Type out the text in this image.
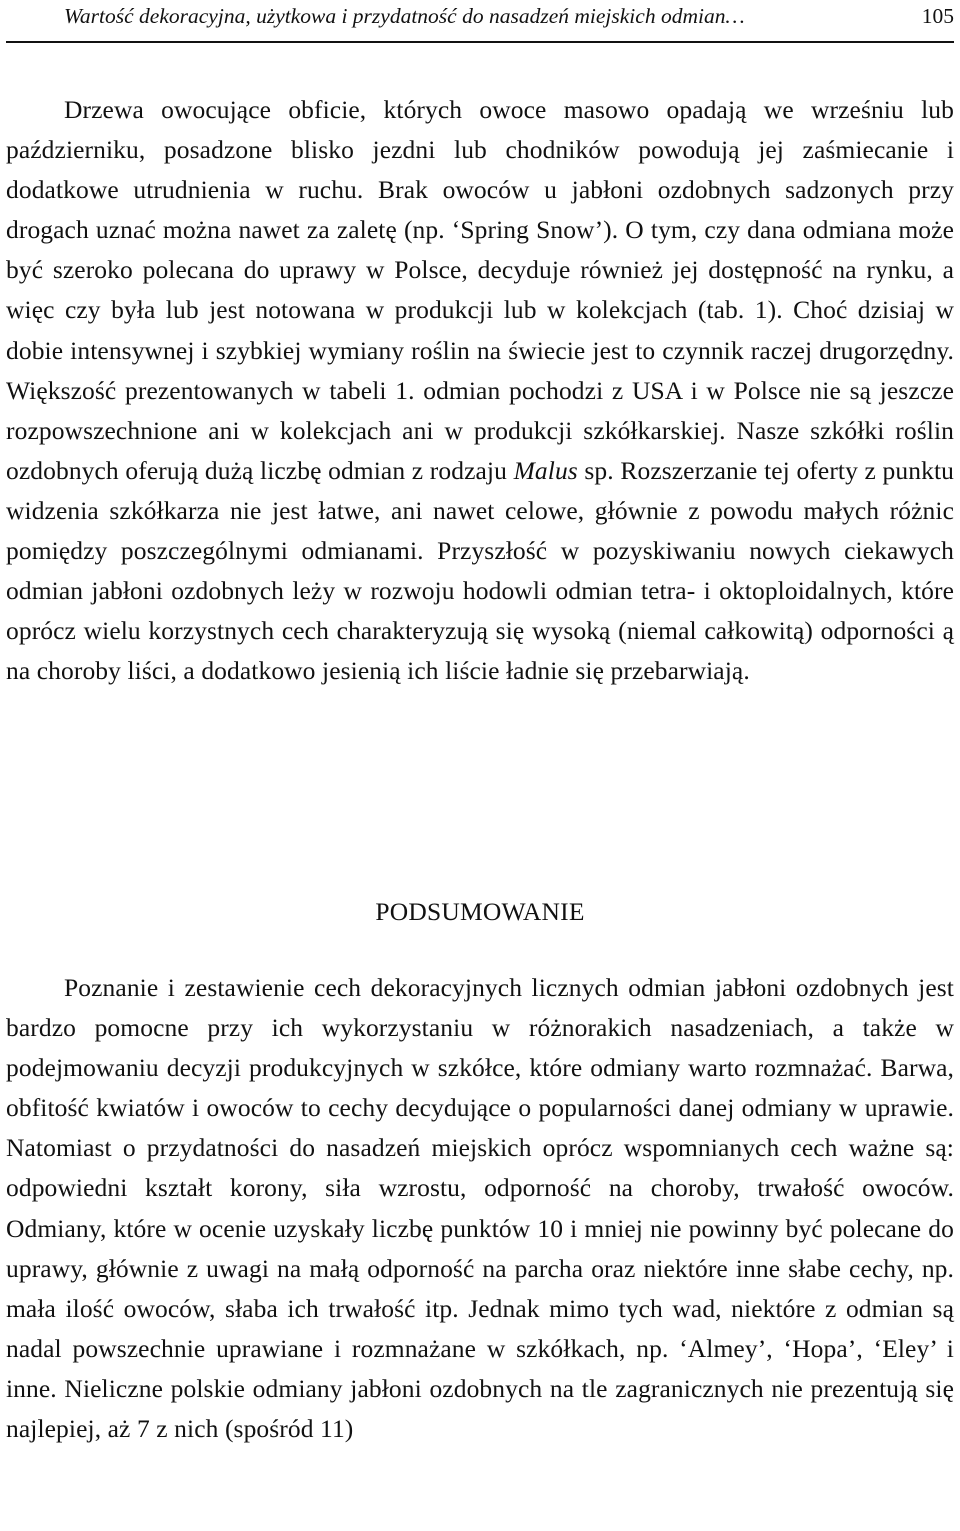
Wartość dekoracyjna, użytkowa i przydatność do nasadzeń miejskich odmian…	105

Drzewa owocujące obficie, których owoce masowo opadają we wrześniu lub październiku, posadzone blisko jezdni lub chodników powodują jej zaśmiecanie i dodatkowe utrudnienia w ruchu. Brak owoców u jabłoni ozdobnych sadzonych przy drogach uznać można nawet za zaletę (np. ‘Spring Snow’). O tym, czy dana odmiana może być szeroko polecana do uprawy w Polsce, decyduje również jej dostępność na rynku, a więc czy była lub jest notowana w produkcji lub w kolekcjach (tab. 1). Choć dzisiaj w dobie intensywnej i szybkiej wymiany roślin na świecie jest to czynnik raczej drugorzędny. Większość prezentowanych w tabeli 1. odmian pochodzi z USA i w Polsce nie są jeszcze rozpowszechnione ani w kolekcjach ani w produkcji szkółkarskiej. Nasze szkółki roślin ozdobnych oferują dużą liczbę odmian z rodzaju Malus sp. Rozszerzanie tej oferty z punktu widzenia szkółkarza nie jest łatwe, ani nawet celowe, głównie z powodu małych różnic pomiędzy poszczególnymi odmianami. Przyszłość w pozyskiwaniu nowych ciekawych odmian jabłoni ozdobnych leży w rozwoju hodowli odmian tetra- i oktoploidalnych, które oprócz wielu korzystnych cech charakteryzują się wysoką (niemal całkowitą) odporności ą na choroby liści, a dodatkowo jesienią ich liście ładnie się przebarwiają.

PODSUMOWANIE

Poznanie i zestawienie cech dekoracyjnych licznych odmian jabłoni ozdobnych jest bardzo pomocne przy ich wykorzystaniu w różnorakich nasadzeniach, a także w podejmowaniu decyzji produkcyjnych w szkółce, które odmiany warto rozmnażać. Barwa, obfitość kwiatów i owoców to cechy decydujące o popularności danej odmiany w uprawie. Natomiast o przydatności do nasadzeń miejskich oprócz wspomnianych cech ważne są: odpowiedni kształt korony, siła wzrostu, odporność na choroby, trwałość owoców. Odmiany, które w ocenie uzyskały liczbę punktów 10 i mniej nie powinny być polecane do uprawy, głównie z uwagi na małą odporność na parcha oraz niektóre inne słabe cechy, np. mała ilość owoców, słaba ich trwałość itp. Jednak mimo tych wad, niektóre z odmian są nadal powszechnie uprawiane i rozmnażane w szkółkach, np. ‘Almey’, ‘Hopa’, ‘Eley’ i inne. Nieliczne polskie odmiany jabłoni ozdobnych na tle zagranicznych nie prezentują się najlepiej, aż 7 z nich (spośród 11)
